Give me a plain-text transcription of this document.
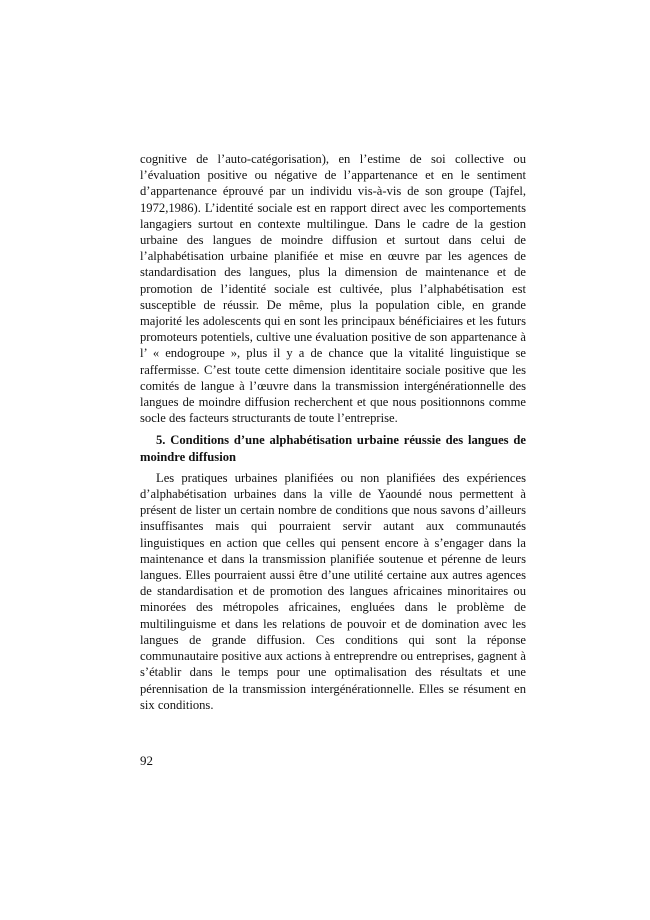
cognitive de l’auto-catégorisation), en l’estime de soi collective ou l’évaluation positive ou négative de l’appartenance et en le sentiment d’appartenance éprouvé par un individu vis-à-vis de son groupe (Tajfel, 1972,1986). L’identité sociale est en rapport direct avec les comportements langagiers surtout en contexte multilingue. Dans le cadre de la gestion urbaine des langues de moindre diffusion et surtout dans celui de l’alphabétisation urbaine planifiée et mise en œuvre par les agences de standardisation des langues, plus la dimension de maintenance et de promotion de l’identité sociale est cultivée, plus l’alphabétisation est susceptible de réussir. De même, plus la population cible, en grande majorité les adolescents qui en sont les principaux bénéficiaires et les futurs promoteurs potentiels, cultive une évaluation positive de son appartenance à l’ « endogroupe », plus il y a de chance que la vitalité linguistique se raffermisse. C’est toute cette dimension identitaire sociale positive que les comités de langue à l’œuvre dans la transmission intergénérationnelle des langues de moindre diffusion recherchent et que nous positionnons comme socle des facteurs structurants de toute l’entreprise.

5. Conditions d’une alphabétisation urbaine réussie des langues de moindre diffusion

Les pratiques urbaines planifiées ou non planifiées des expériences d’alphabétisation urbaines dans la ville de Yaoundé nous permettent à présent de lister un certain nombre de conditions que nous savons d’ailleurs insuffisantes mais qui pourraient servir autant aux communautés linguistiques en action que celles qui pensent encore à s’engager dans la maintenance et dans la transmission planifiée soutenue et pérenne de leurs langues. Elles pourraient aussi être d’une utilité certaine aux autres agences de standardisation et de promotion des langues africaines minoritaires ou minorées des métropoles africaines, engluées dans le problème de multilinguisme et dans les relations de pouvoir et de domination avec les langues de grande diffusion. Ces conditions qui sont la réponse communautaire positive aux actions à entreprendre ou entreprises, gagnent à s’établir dans le temps pour une optimalisation des résultats et une pérennisation de la transmission intergénérationnelle. Elles se résument en six conditions.

92
